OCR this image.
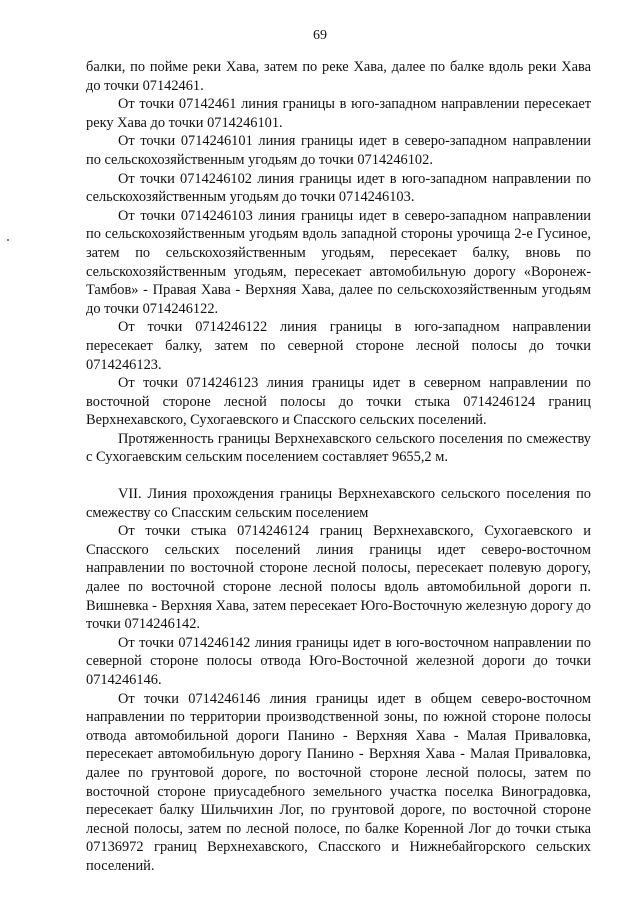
69

балки, по пойме реки Хава, затем по реке Хава, далее по балке вдоль реки Хава до точки 07142461.

От точки 07142461 линия границы в юго-западном направлении пересекает реку Хава до точки 0714246101.

От точки 0714246101 линия границы идет в северо-западном направлении по сельскохозяйственным угодьям до точки 0714246102.

От точки 0714246102 линия границы идет в юго-западном направлении по сельскохозяйственным угодьям до точки 0714246103.

От точки 0714246103 линия границы идет в северо-западном направлении по сельскохозяйственным угодьям вдоль западной стороны урочища 2-е Гусиное, затем по сельскохозяйственным угодьям, пересекает балку, вновь по сельскохозяйственным угодьям, пересекает автомобильную дорогу «Воронеж-Тамбов» - Правая Хава - Верхняя Хава, далее по сельскохозяйственным угодьям до точки 0714246122.

От точки 0714246122 линия границы в юго-западном направлении пересекает балку, затем по северной стороне лесной полосы до точки 0714246123.

От точки 0714246123 линия границы идет в северном направлении по восточной стороне лесной полосы до точки стыка 0714246124 границ Верхнехавского, Сухогаевского и Спасского сельских поселений.

Протяженность границы Верхнехавского сельского поселения по смежеству с Сухогаевским сельским поселением составляет 9655,2 м.

VII. Линия прохождения границы Верхнехавского сельского поселения по смежеству со Спасским сельским поселением

От точки стыка 0714246124 границ Верхнехавского, Сухогаевского и Спасского сельских поселений линия границы идет северо-восточном направлении по восточной стороне лесной полосы, пересекает полевую дорогу, далее по восточной стороне лесной полосы вдоль автомобильной дороги п. Вишневка - Верхняя Хава, затем пересекает Юго-Восточную железную дорогу до точки 0714246142.

От точки 0714246142 линия границы идет в юго-восточном направлении по северной стороне полосы отвода Юго-Восточной железной дороги до точки 0714246146.

От точки 0714246146 линия границы идет в общем северо-восточном направлении по территории производственной зоны, по южной стороне полосы отвода автомобильной дороги Панино - Верхняя Хава - Малая Приваловка, пересекает автомобильную дорогу Панино - Верхняя Хава - Малая Приваловка, далее по грунтовой дороге, по восточной стороне лесной полосы, затем по восточной стороне приусадебного земельного участка поселка Виноградовка, пересекает балку Шильчихин Лог, по грунтовой дороге, по восточной стороне лесной полосы, затем по лесной полосе, по балке Коренной Лог до точки стыка 07136972 границ Верхнехавского, Спасского и Нижнебайгорского сельских поселений.
